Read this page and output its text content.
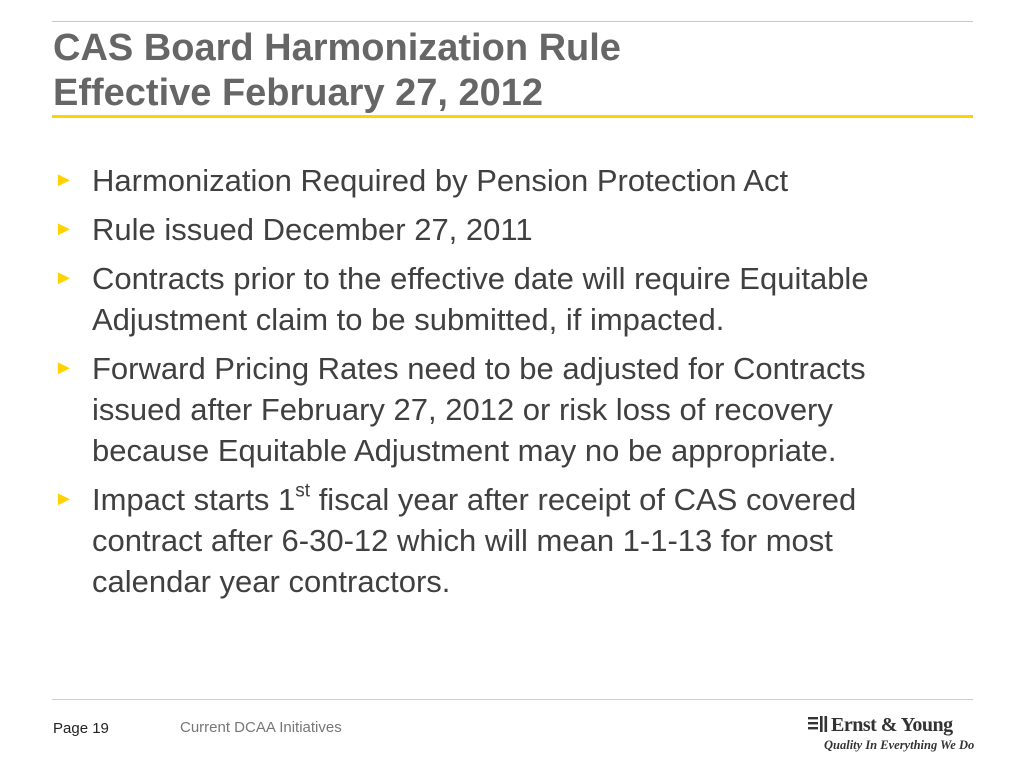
CAS Board Harmonization Rule
Effective February 27, 2012
► Harmonization Required by Pension Protection Act
► Rule issued December 27, 2011
► Contracts prior to the effective date will require Equitable Adjustment claim to be submitted, if impacted.
► Forward Pricing Rates need to be adjusted for Contracts issued after February 27, 2012 or risk loss of recovery because Equitable Adjustment may no be appropriate.
► Impact starts 1st fiscal year after receipt of CAS covered contract after 6-30-12 which will mean 1-1-13 for most calendar year contractors.
Page 19	Current DCAA Initiatives	Ernst & Young
Quality In Everything We Do
